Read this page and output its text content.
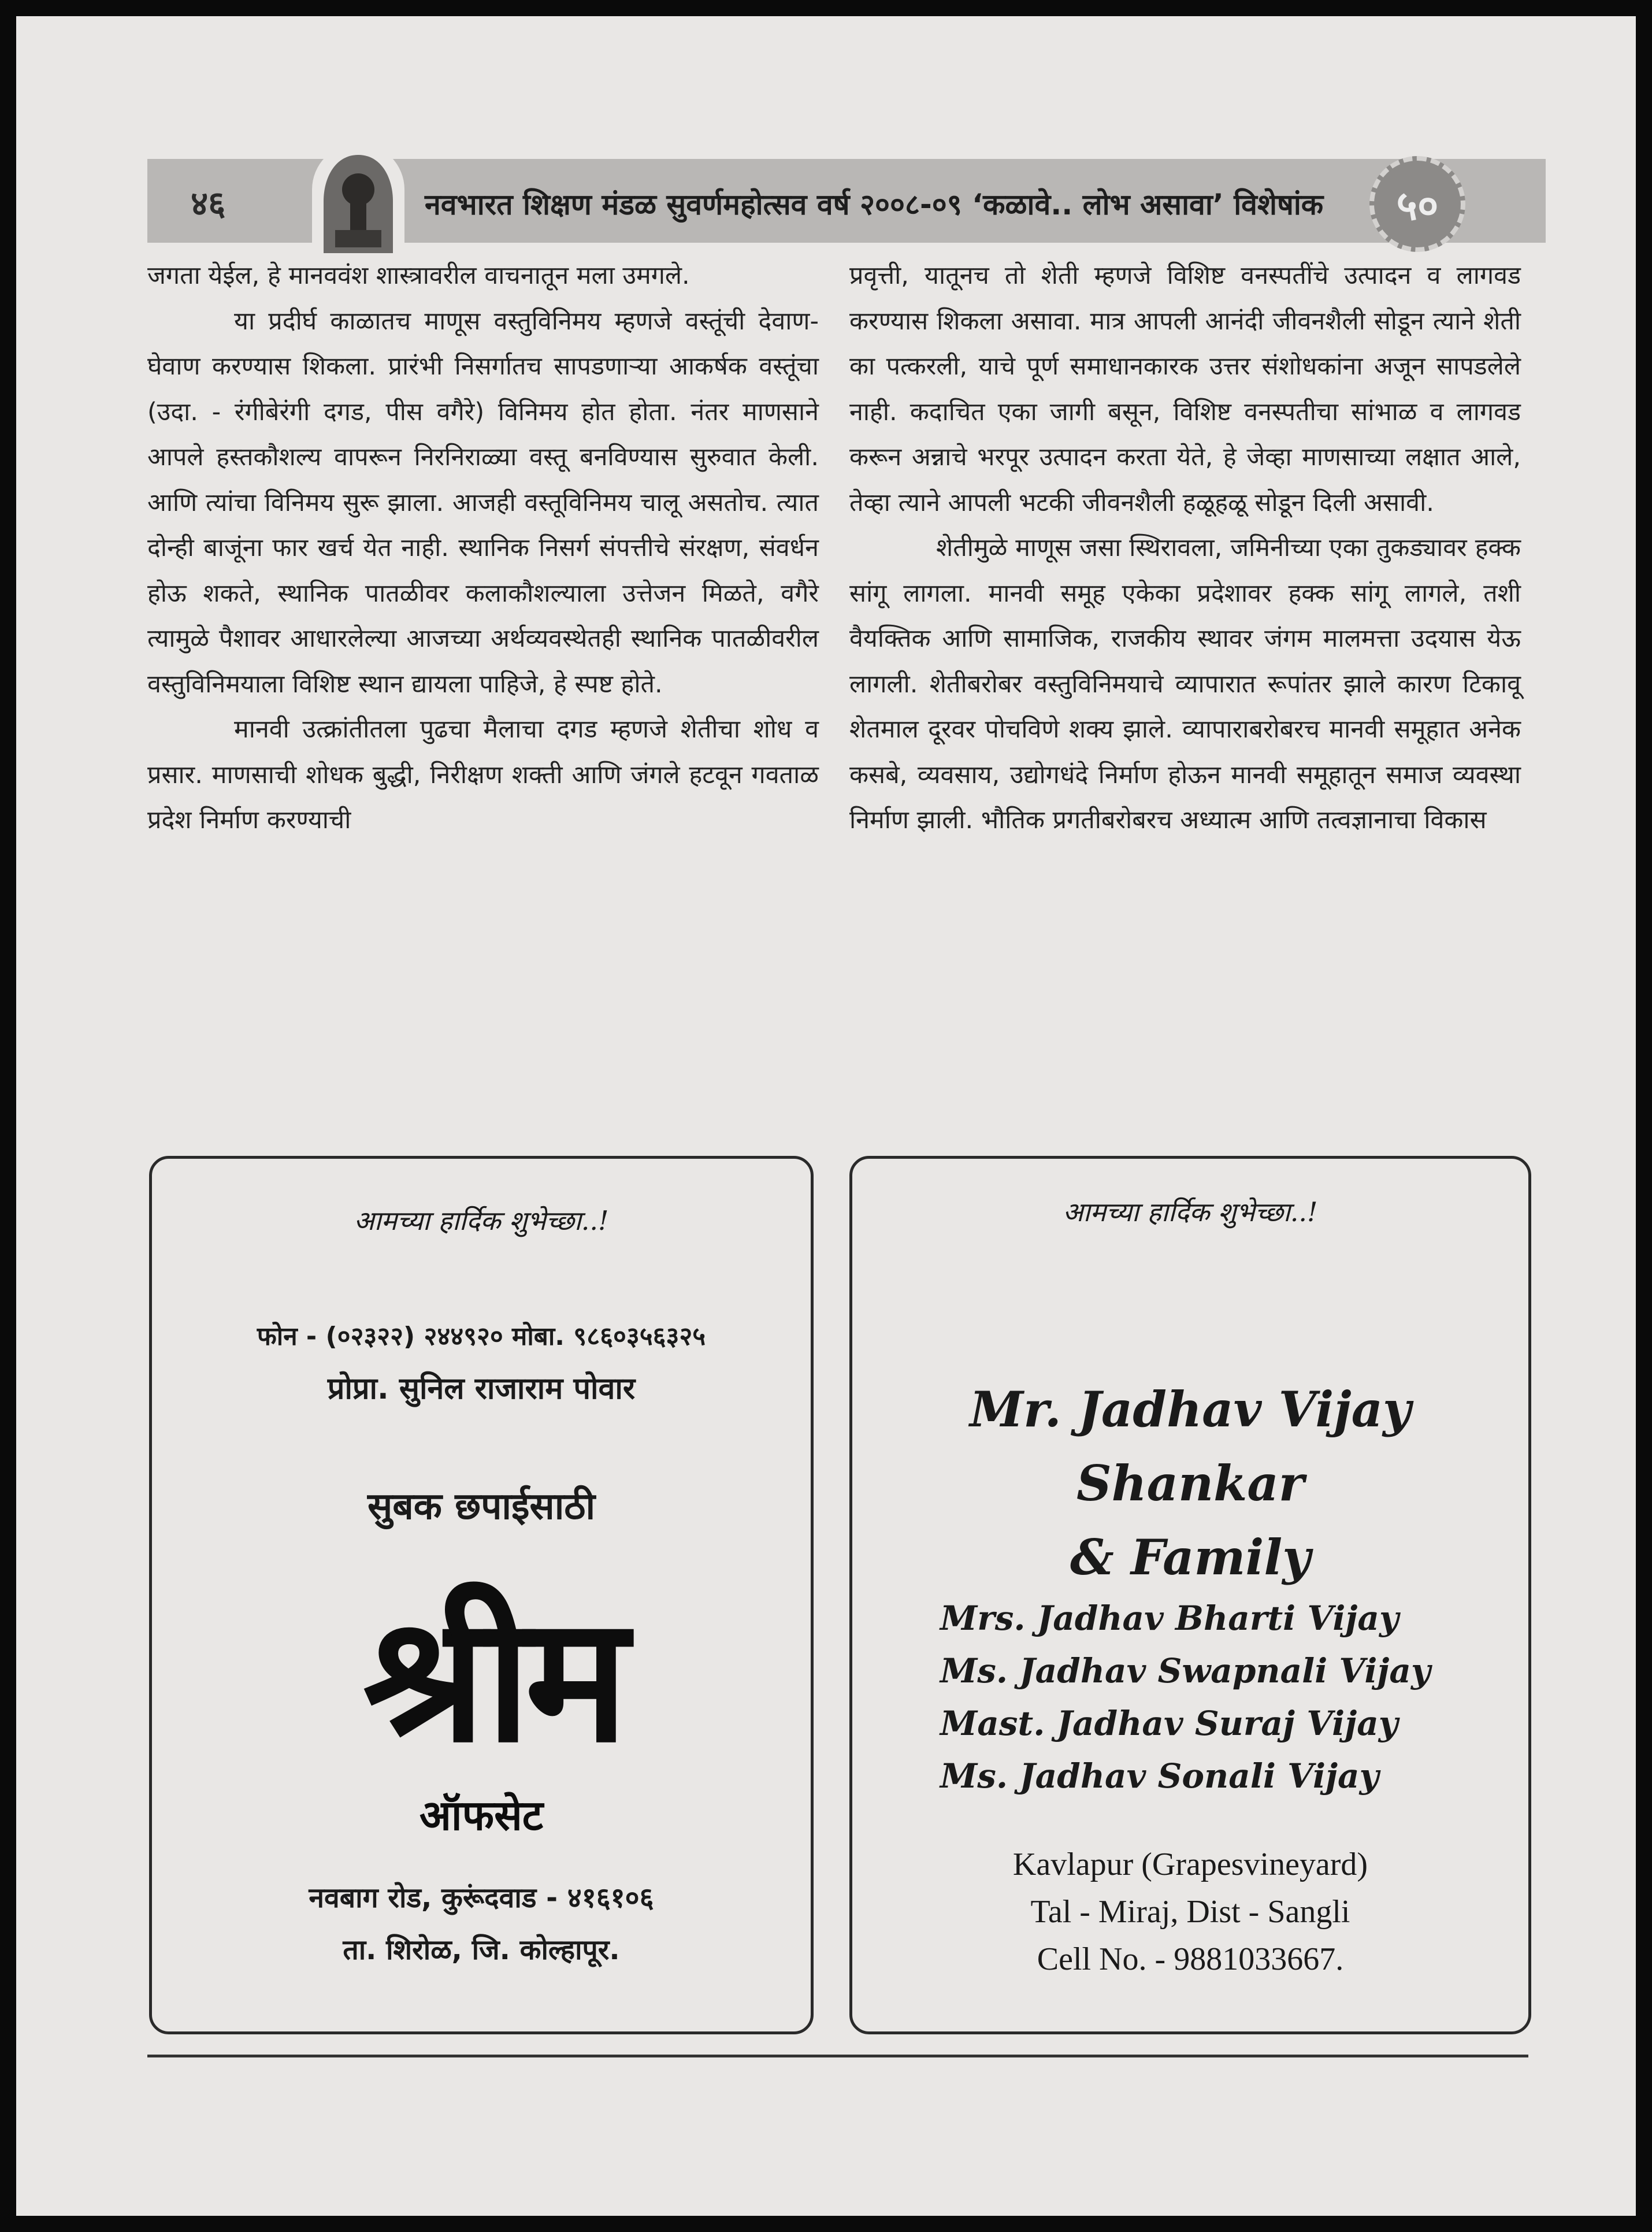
४६	नवभारत शिक्षण मंडळ सुवर्णमहोत्सव वर्ष २००८-०९ ‘कळावे.. लोभ असावा’ विशेषांक	५०

जगता येईल, हे मानववंश शास्त्रावरील वाचनातून मला उमगले.

या प्रदीर्घ काळातच माणूस वस्तुविनिमय म्हणजे वस्तूंची देवाण-घेवाण करण्यास शिकला. प्रारंभी निसर्गातच सापडणाऱ्या आकर्षक वस्तूंचा (उदा. - रंगीबेरंगी दगड, पीस वगैरे) विनिमय होत होता. नंतर माणसाने आपले हस्तकौशल्य वापरून निरनिराळ्या वस्तू बनविण्यास सुरुवात केली. आणि त्यांचा विनिमय सुरू झाला. आजही वस्तूविनिमय चालू असतोच. त्यात दोन्ही बाजूंना फार खर्च येत नाही. स्थानिक निसर्ग संपत्तीचे संरक्षण, संवर्धन होऊ शकते, स्थानिक पातळीवर कलाकौशल्याला उत्तेजन मिळते, वगैरे त्यामुळे पैशावर आधारलेल्या आजच्या अर्थव्यवस्थेतही स्थानिक पातळीवरील वस्तुविनिमयाला विशिष्ट स्थान द्यायला पाहिजे, हे स्पष्ट होते.

मानवी उत्क्रांतीतला पुढचा मैलाचा दगड म्हणजे शेतीचा शोध व प्रसार. माणसाची शोधक बुद्धी, निरीक्षण शक्ती आणि जंगले हटवून गवताळ प्रदेश निर्माण करण्याची

प्रवृत्ती, यातूनच तो शेती म्हणजे विशिष्ट वनस्पतींचे उत्पादन व लागवड करण्यास शिकला असावा. मात्र आपली आनंदी जीवनशैली सोडून त्याने शेती का पत्करली, याचे पूर्ण समाधानकारक उत्तर संशोधकांना अजून सापडलेले नाही. कदाचित एका जागी बसून, विशिष्ट वनस्पतीचा सांभाळ व लागवड करून अन्नाचे भरपूर उत्पादन करता येते, हे जेव्हा माणसाच्या लक्षात आले, तेव्हा त्याने आपली भटकी जीवनशैली हळूहळू सोडून दिली असावी.

शेतीमुळे माणूस जसा स्थिरावला, जमिनीच्या एका तुकड्यावर हक्क सांगू लागला. मानवी समूह एकेका प्रदेशावर हक्क सांगू लागले, तशी वैयक्तिक आणि सामाजिक, राजकीय स्थावर जंगम मालमत्ता उदयास येऊ लागली. शेतीबरोबर वस्तुविनिमयाचे व्यापारात रूपांतर झाले कारण टिकावू शेतमाल दूरवर पोचविणे शक्य झाले. व्यापाराबरोबरच मानवी समूहात अनेक कसबे, व्यवसाय, उद्योगधंदे निर्माण होऊन मानवी समूहातून समाज व्यवस्था निर्माण झाली. भौतिक प्रगतीबरोबरच अध्यात्म आणि तत्वज्ञानाचा विकास

आमच्या हार्दिक शुभेच्छा..!
फोन - (०२३२२) २४४९२० मोबा. ९८६०३५६३२५
प्रोप्रा. सुनिल राजाराम पोवार
सुबक छपाईसाठी
श्रीम
ऑफसेट
नवबाग रोड, कुरूंदवाड - ४१६१०६
ता. शिरोळ, जि. कोल्हापूर.
आमच्या हार्दिक शुभेच्छा..!
Mr. Jadhav Vijay Shankar
& Family
Mrs. Jadhav Bharti Vijay
Ms. Jadhav Swapnali Vijay
Mast. Jadhav Suraj Vijay
Ms. Jadhav Sonali Vijay
Kavlapur (Grapesvineyard)
Tal - Miraj, Dist - Sangli
Cell No. - 9881033667.
